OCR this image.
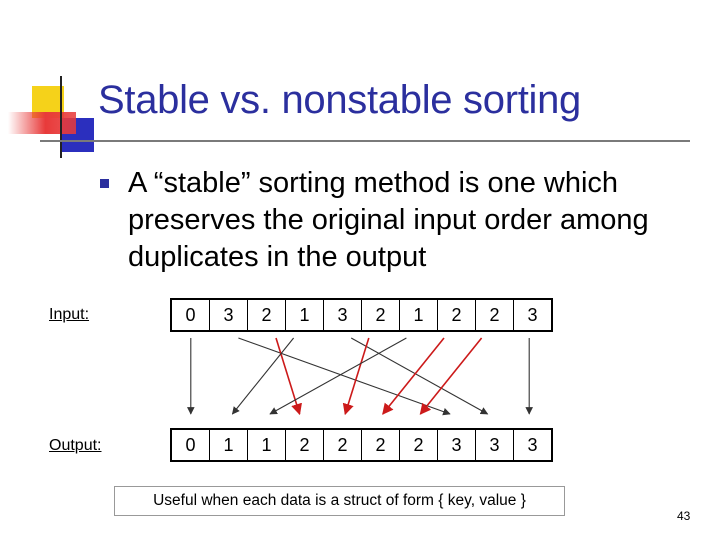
Stable vs. nonstable sorting

A “stable” sorting method is one which preserves the original input order among duplicates in the output

Input:	0	3	2	1	3	2	1	2	2	3
Output:	0	1	1	2	2	2	2	3	3	3
Useful when each data is a struct of form { key, value }
43
